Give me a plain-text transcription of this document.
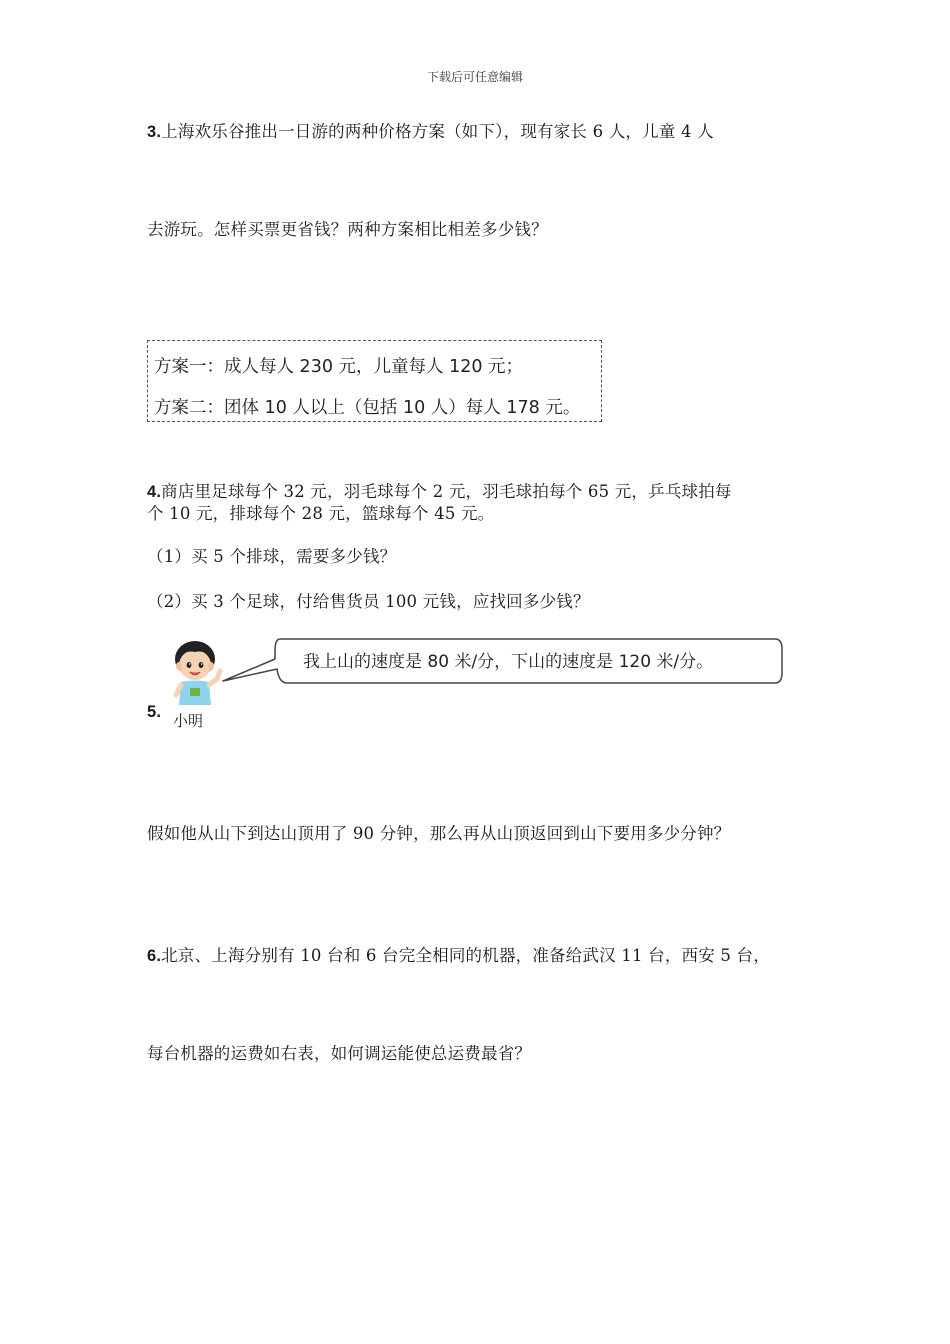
下载后可任意编辑
3.上海欢乐谷推出一日游的两种价格方案（如下），现有家长 6 人，儿童 4 人
去游玩。怎样买票更省钱？两种方案相比相差多少钱？
方案一：成人每人 230 元，儿童每人 120 元；
方案二：团体 10 人以上（包括 10 人）每人 178 元。
4.商店里足球每个 32 元，羽毛球每个 2 元，羽毛球拍每个 65 元，乒乓球拍每
个 10 元，排球每个 28 元，篮球每个 45 元。
（1）买 5 个排球，需要多少钱？
（2）买 3 个足球，付给售货员 100 元钱，应找回多少钱？
5. 小明
我上山的速度是 80 米/分，下山的速度是 120 米/分。
假如他从山下到达山顶用了 90 分钟，那么再从山顶返回到山下要用多少分钟？
6.北京、上海分别有 10 台和 6 台完全相同的机器，准备给武汉 11 台，西安 5 台，
每台机器的运费如右表，如何调运能使总运费最省？
